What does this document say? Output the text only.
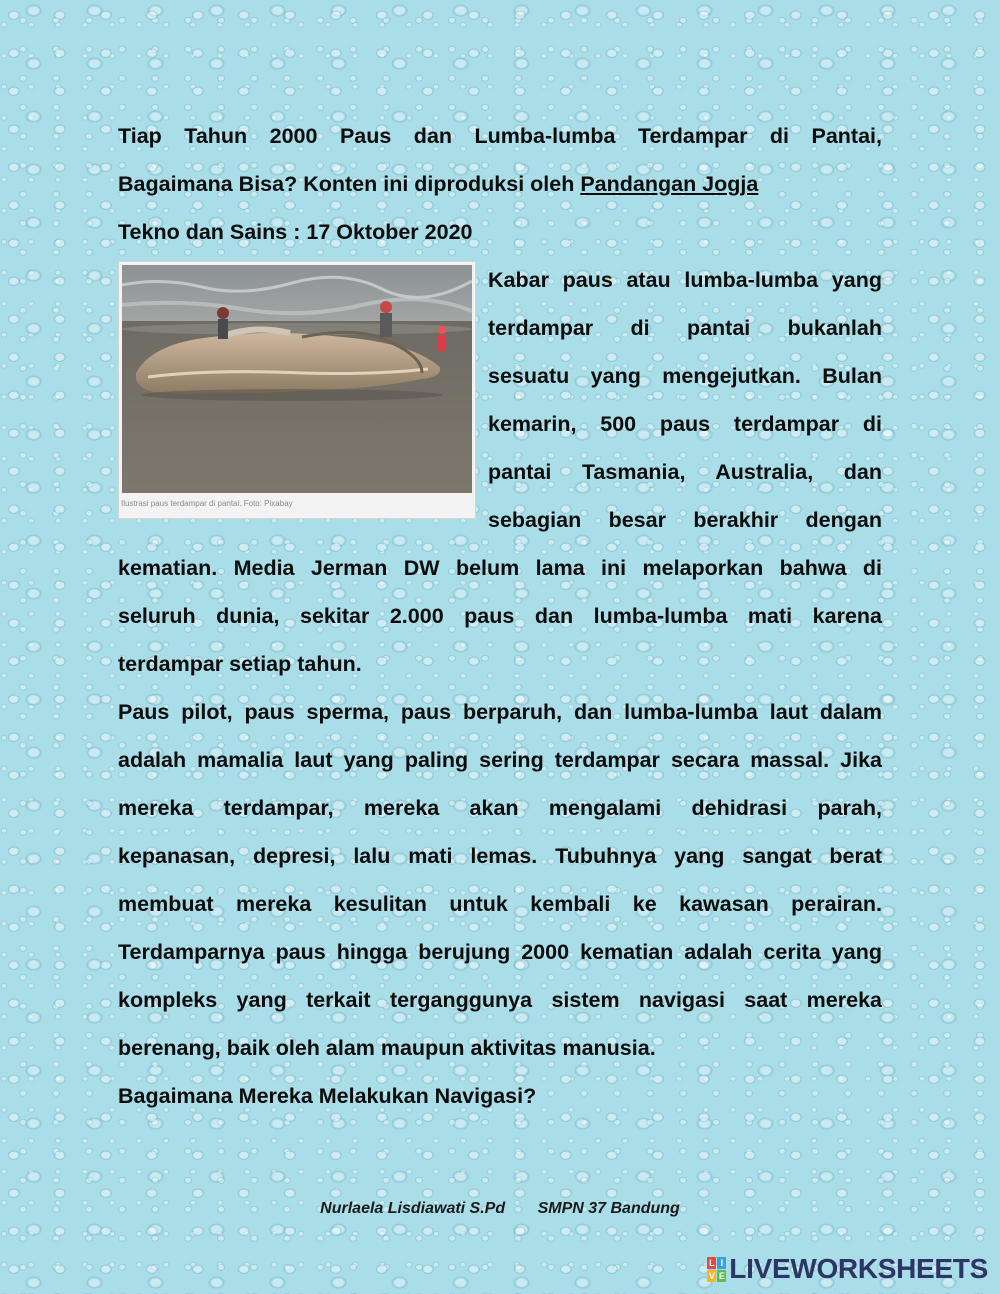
Tiap Tahun 2000 Paus dan Lumba-lumba Terdampar di Pantai,
Bagaimana Bisa? Konten ini diproduksi oleh Pandangan Jogja
Tekno dan Sains : 17 Oktober 2020
Ilustrasi paus terdampar di pantai. Foto: Pixabay
Kabar paus atau lumba-lumba yang
terdampar di pantai bukanlah
sesuatu yang mengejutkan. Bulan
kemarin, 500 paus terdampar di
pantai Tasmania, Australia, dan
sebagian besar berakhir dengan
kematian. Media Jerman DW belum lama ini melaporkan bahwa di
seluruh dunia, sekitar 2.000 paus dan lumba-lumba mati karena
terdampar setiap tahun.
Paus pilot, paus sperma, paus berparuh, dan lumba-lumba laut dalam
adalah mamalia laut yang paling sering terdampar secara massal. Jika
mereka terdampar, mereka akan mengalami dehidrasi parah,
kepanasan, depresi, lalu mati lemas. Tubuhnya yang sangat berat
membuat mereka kesulitan untuk kembali ke kawasan perairan.
Terdamparnya paus hingga berujung 2000 kematian adalah cerita yang
kompleks yang terkait terganggunya sistem navigasi saat mereka
berenang, baik oleh alam maupun aktivitas manusia.
Bagaimana Mereka Melakukan Navigasi?
Nurlaela Lisdiawati S.Pd SMPN 37 Bandung
L I
V E LIVEWORKSHEETS
